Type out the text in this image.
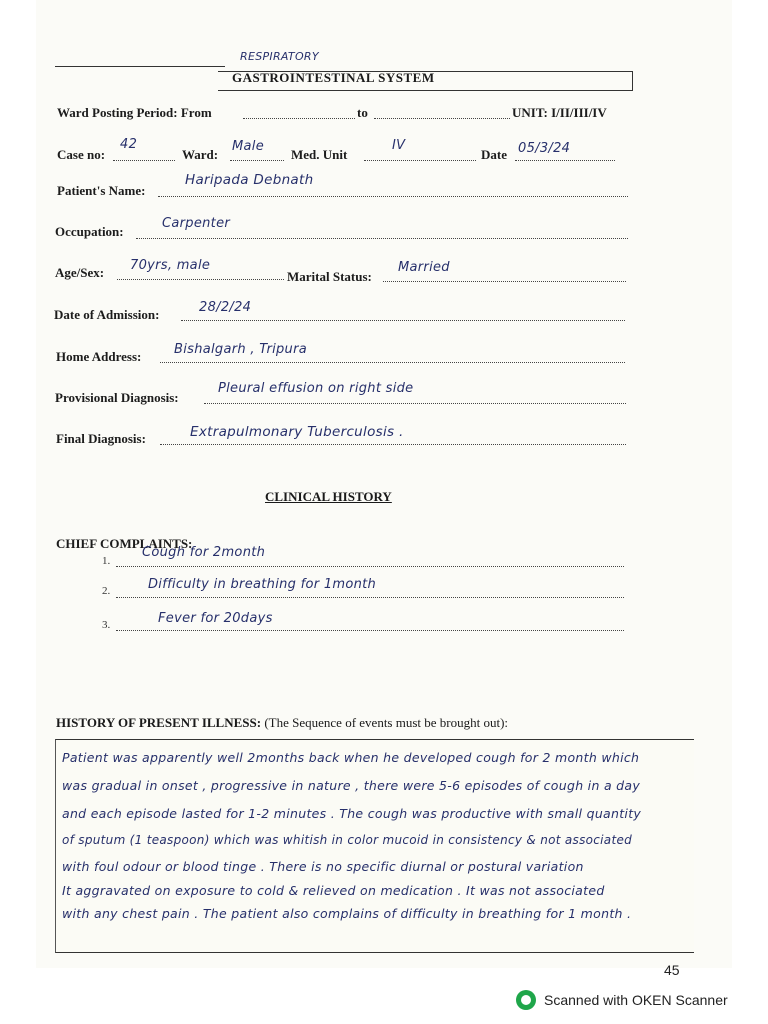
RESPIRATORY
GASTROINTESTINAL SYSTEM
Ward Posting Period: From	to	UNIT: I/II/III/IV
Case no:
42
Ward:
Male
Med. Unit
IV
Date 05/3/24
Patient's Name:
Haripada Debnath
Occupation:
Carpenter
Age/Sex: 70yrs, male
Marital Status:
Married
Date of Admission:	28/2/24
Home Address:	Bishalgarh , Tripura
Provisional Diagnosis:
Pleural effusion on right side
Final Diagnosis:	Extrapulmonary Tuberculosis .
CLINICAL HISTORY
CHIEF COMPLAINTS:
1.
Cough for 2month
2.	Difficulty in breathing for 1month
3.	Fever for 20days
HISTORY OF PRESENT ILLNESS: (The Sequence of events must be brought out):
Patient was apparently well 2months back when he developed cough for 2 month which
was gradual in onset , progressive in nature , there were 5-6 episodes of cough in a day
and each episode lasted for 1-2 minutes . The cough was productive with small quantity
of sputum (1 teaspoon) which was whitish in color mucoid in consistency & not associated
with foul odour or blood tinge . There is no specific diurnal or postural variation
It aggravated on exposure to cold & relieved on medication . It was not associated
with any chest pain . The patient also complains of difficulty in breathing for 1 month .
45
Scanned with OKEN Scanner
